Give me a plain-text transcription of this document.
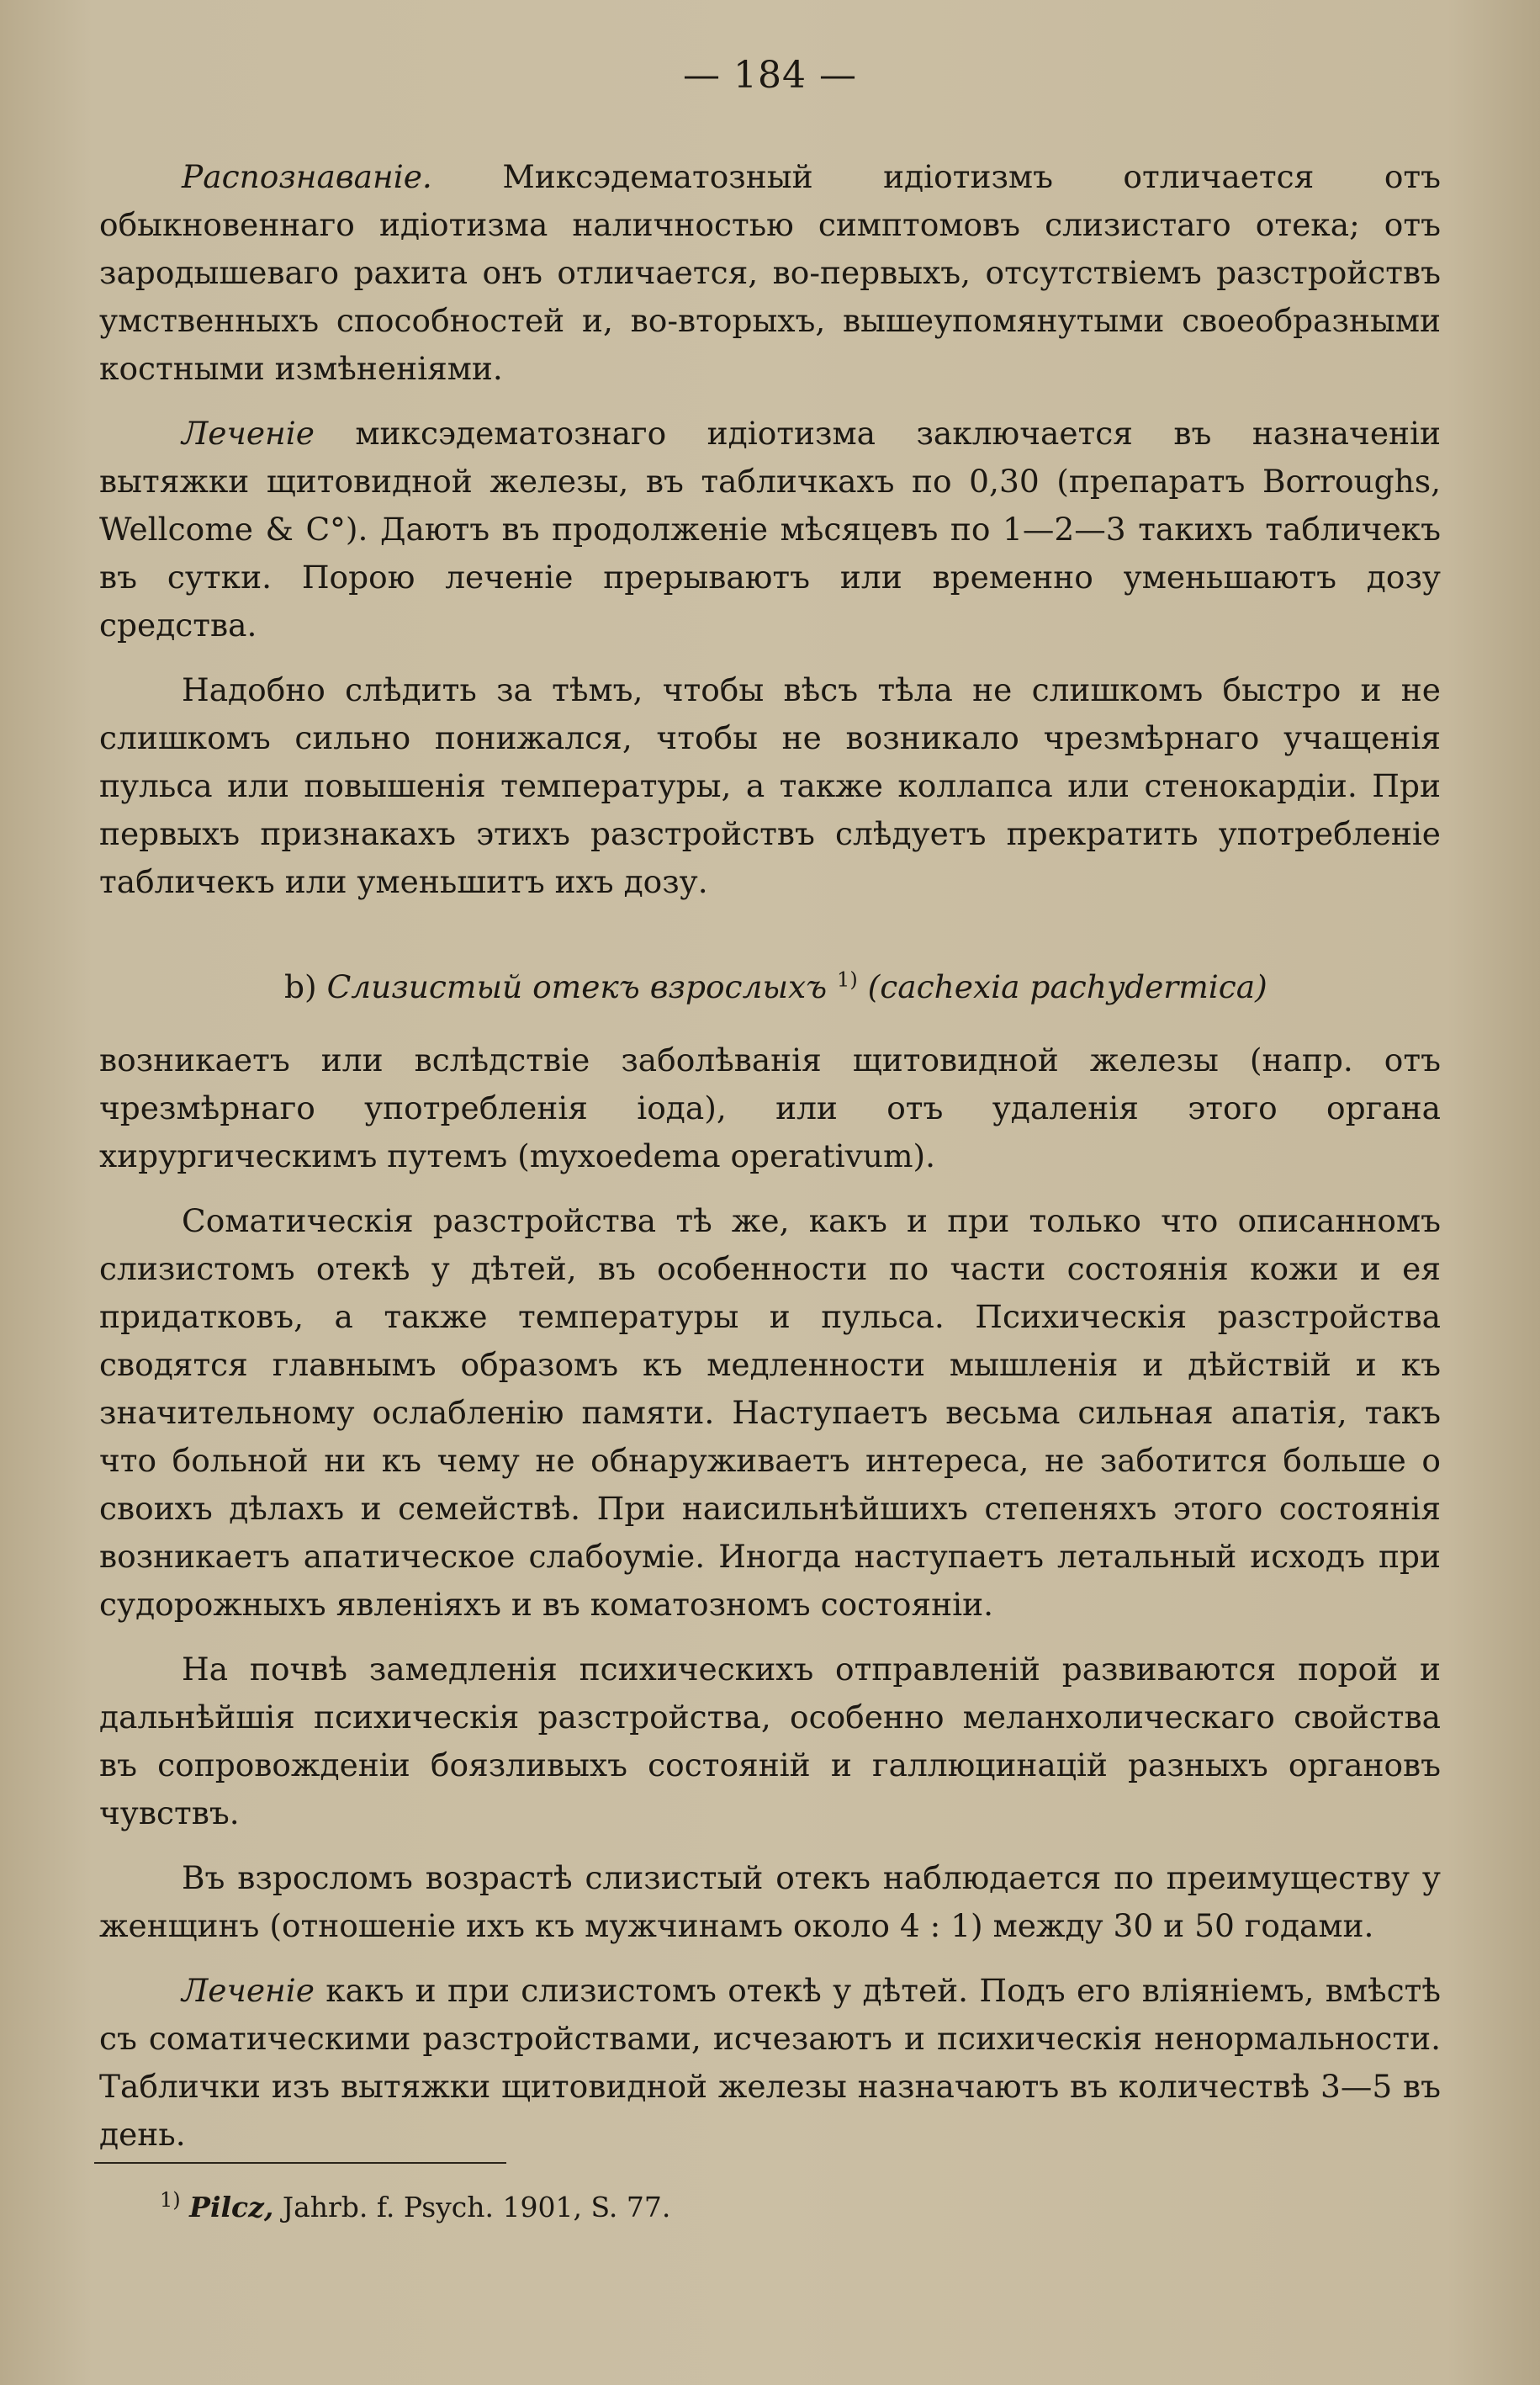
— 184 —

Распознаванiе. Миксэдематозный идiотизмъ отличается отъ обыкновеннаго идiотизма наличностью симптомовъ слизистаго отека; отъ зародышеваго рахита онъ отличается, во-первыхъ, отсутствiемъ разстройствъ умственныхъ способностей и, во-вторыхъ, вышеупомянутыми своеобразными костными измѣненiями.

Леченiе миксэдематознаго идiотизма заключается въ назначенiи вытяжки щитовидной железы, въ табличкахъ по 0,30 (препаратъ Borroughs, Wellcome & C°). Даютъ въ продолженiе мѣсяцевъ по 1—2—3 такихъ табличекъ въ сутки. Порою леченiе прерываютъ или временно уменьшаютъ дозу средства.

Надобно слѣдить за тѣмъ, чтобы вѣсъ тѣла не слишкомъ быстро и не слишкомъ сильно понижался, чтобы не возникало чрезмѣрнаго учащенiя пульса или повышенiя температуры, а также коллапса или стенокардiи. При первыхъ признакахъ этихъ разстройствъ слѣдуетъ прекратить употребленiе табличекъ или уменьшитъ ихъ дозу.

b) Слизистый отекъ взрослыхъ $^{1)}$ (cachexia pachydermica)

возникаетъ или вслѣдствiе заболѣванiя щитовидной железы (напр. отъ чрезмѣрнаго употребленiя iода), или отъ удаленiя этого органа хирургическимъ путемъ (myxoedema operativum).

Соматическiя разстройства тѣ же, какъ и при только что описанномъ слизистомъ отекѣ у дѣтей, въ особенности по части состоянiя кожи и ея придатковъ, а также температуры и пульса. Психическiя разстройства сводятся главнымъ образомъ къ медленности мышленiя и дѣйствiй и къ значительному ослабленiю памяти. Наступаетъ весьма сильная апатiя, такъ что больной ни къ чему не обнаруживаетъ интереса, не заботится больше о своихъ дѣлахъ и семействѣ. При наисильнѣйшихъ степеняхъ этого состоянiя возникаетъ апатическое слабоумiе. Иногда наступаетъ летальный исходъ при судорожныхъ явленiяхъ и въ коматозномъ состоянiи.

На почвѣ замедленiя психическихъ отправленiй развиваются порой и дальнѣйшiя психическiя разстройства, особенно меланхолическаго свойства въ сопровожденiи боязливыхъ состоянiй и галлюцинацiй разныхъ органовъ чувствъ.

Въ взросломъ возрастѣ слизистый отекъ наблюдается по преимуществу у женщинъ (отношенiе ихъ къ мужчинамъ около 4 : 1) между 30 и 50 годами.

Леченiе какъ и при слизистомъ отекѣ у дѣтей. Подъ его влiянiемъ, вмѣстѣ съ соматическими разстройствами, исчезаютъ и психическiя ненормальности. Таблички изъ вытяжки щитовидной железы назначаютъ въ количествѣ 3—5 въ день.

$^{1)}$ Pilcz, Jahrb. f. Psych. 1901, S. 77.
